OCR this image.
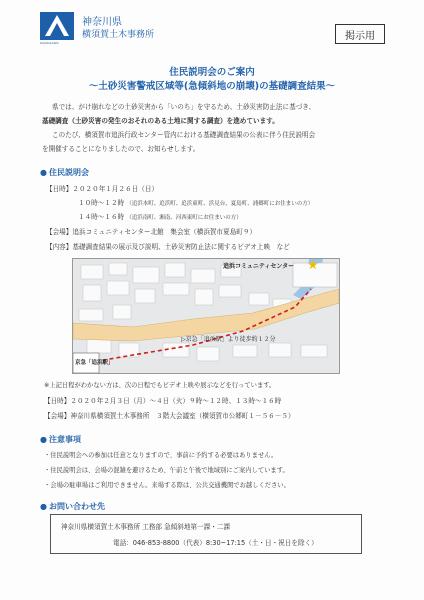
KANAGAWA
神奈川県
横須賀土木事務所	掲示用
住民説明会のご案内
～土砂災害警戒区域等(急傾斜地の崩壊)の基礎調査結果～
県では、がけ崩れなどの土砂災害から「いのち」を守るため、土砂災害防止法に基づき、
基礎調査（土砂災害の発生のおそれのある土地に関する調査）を進めています。
このたび、横須賀市追浜行政センター管内における基礎調査結果の公表に伴う住民説明会
を開催することになりましたので、お知らせします。
● 住民説明会
【日時】２０２０年１月２６日（日）
１０時～１２時 （追浜本町、追浜町、追浜東町、浜見台、夏島町、浦郷町にお住まいの方）
１４時～１６時 （追浜南町、湘南、河西東町にお住まいの方）
【会場】追浜コミュニティセンター北館　集会室（横浜賀市夏島町９）
【内容】基礎調査結果の展示及び説明、土砂災害防止法に関するビデオ上映　など
追浜コミュニティセンター ★
▷京急「追浜駅」より徒歩約１２分
京急「追浜駅」
※上記日程がわかない方は、次の日程でもビデオ上映や展示などを行っています。
【日時】２０２０年２月３日（月）～４日（火）９時～１２時、１３時～１６時
【会場】神奈川県横須賀土木事務所　３階大会議室（横須賀市公郷町１－５６－５）
● 注意事項
・住民説明会への参加は任意となりますので、事前に予約する必要はありません。
・住民説明会は、会場の混雑を避けるため、午前と午後で地域別にご案内しています。
・会場の駐車場はご利用できません。来場する際は、公共交通機関でお越しください。
● お問い合わせ先
神奈川県横須賀土木事務所 工務部 急傾斜地第一課・二課
電話：046-853-8800（代表）8:30~17:15（土・日・祝日を除く）
